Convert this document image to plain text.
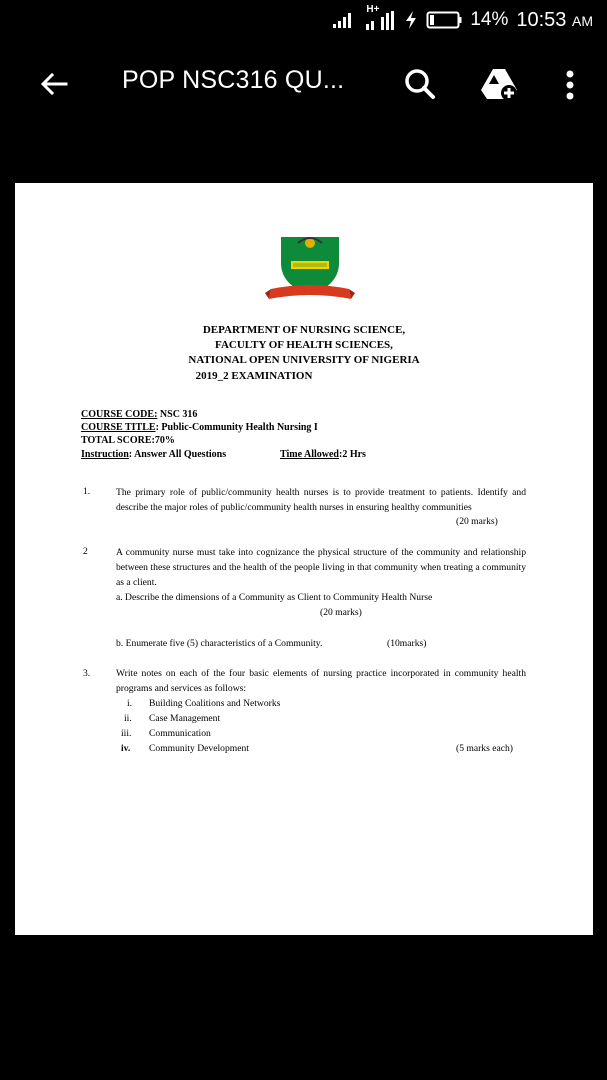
H+	14% 10:53 AM
POP NSC316 QU...
DEPARTMENT OF NURSING SCIENCE,
FACULTY OF HEALTH SCIENCES,
NATIONAL OPEN UNIVERSITY OF NIGERIA
2019_2 EXAMINATION
COURSE CODE: NSC 316
COURSE TITLE: Public-Community Health Nursing I
TOTAL SCORE:70%
Instruction: Answer All Questions	Time Allowed:2 Hrs
1.	The primary role of public/community health nurses is to provide treatment to patients. Identify and describe the major roles of public/community health nurses in ensuring healthy communities
(20 marks)
2	A community nurse must take into cognizance the physical structure of the community and relationship between these structures and the health of the people living in that community when treating a community as a client.
a. Describe the dimensions of a Community as Client to Community Health Nurse
(20 marks)
b. Enumerate five (5) characteristics of a Community.	(10marks)
3.	Write notes on each of the four basic elements of nursing practice incorporated in community health programs and services as follows:
i. Building Coalitions and Networks
ii. Case Management
iii. Communication
iv. Community Development	(5 marks each)
